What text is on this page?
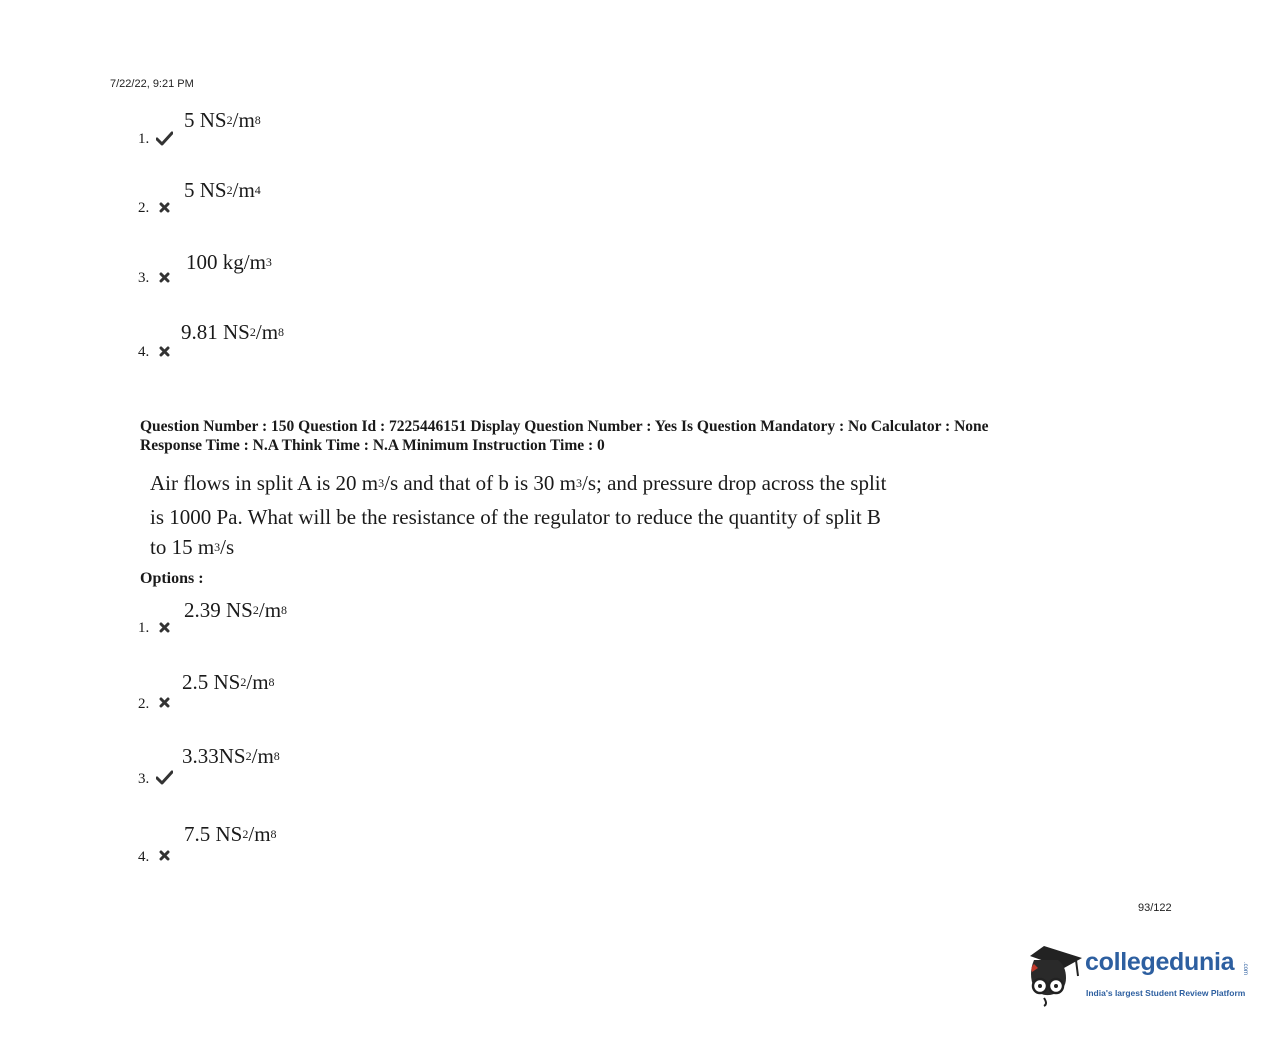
7/22/22, 9:21 PM
1.
5 $NS^2/m^8$
2.
5 $NS^2/m^4$
3.
100 $kg/m^3$
4.
9.81 $NS^2/m^8$
Question Number : 150 Question Id : 7225446151 Display Question Number : Yes Is Question Mandatory : No Calculator : None
Response Time : N.A Think Time : N.A Minimum Instruction Time : 0
Air flows in split A is 20 $m^3/s$ and that of b is 30 $m^3/s$; and pressure drop across the split
is 1000 Pa. What will be the resistance of the regulator to reduce the quantity of split B
to 15 $m^3/s$
Options :
1.
2.39 $NS^2/m^8$
2.
2.5 $NS^2/m^8$
3.
$3.33NS^2/m^8$
4.
7.5 $NS^2/m^8$
93/122
collegedunia .com
India's largest Student Review Platform
